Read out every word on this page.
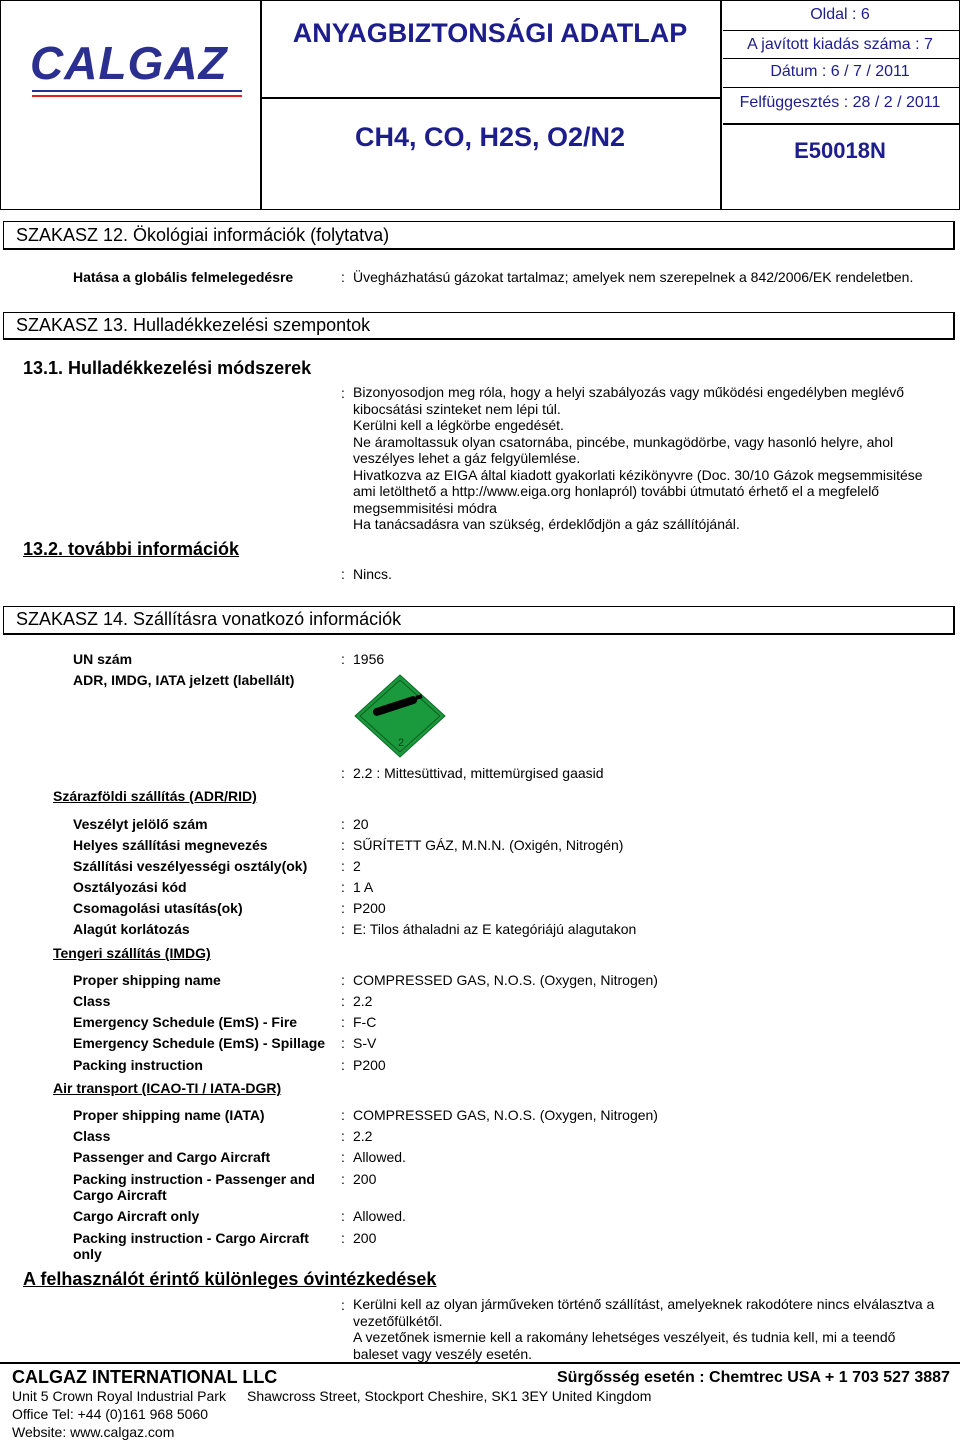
CALGAZ
ANYAGBIZTONSÁGI ADATLAP
CH4, CO, H2S, O2/N2
Oldal : 6
A javított kiadás száma : 7
Dátum : 6 / 7 / 2011
Felfüggesztés : 28 / 2 / 2011
E50018N
SZAKASZ 12. Ökológiai információk (folytatva)
Hatása a globális felmelegedésre	: Üvegházhatású gázokat tartalmaz; amelyek nem szerepelnek a 842/2006/EK rendeletben.
SZAKASZ 13. Hulladékkezelési szempontok
13.1. Hulladékkezelési módszerek
: Bizonyosodjon meg róla, hogy a helyi szabályozás vagy működési engedélyben meglévő
kibocsátási szinteket nem lépi túl.
Kerülni kell a légkörbe engedését.
Ne áramoltassuk olyan csatornába, pincébe, munkagödörbe, vagy hasonló helyre, ahol
veszélyes lehet a gáz felgyülemlése.
Hivatkozva az EIGA által kiadott gyakorlati kézikönyvre (Doc. 30/10 Gázok megsemmisitése
ami letölthető a http://www.eiga.org honlapról) további útmutató érhető el a megfelelő
megsemmisitési módra
Ha tanácsadásra van szükség, érdeklődjön a gáz szállítójánál.
13.2. további információk
: Nincs.
SZAKASZ 14. Szállításra vonatkozó információk
UN szám	: 1956
ADR, IMDG, IATA jelzett (labellált)
2
: 2.2 : Mittesüttivad, mittemürgised gaasid
Szárazföldi szállítás (ADR/RID)
Veszélyt jelölő szám	: 20
Helyes szállítási megnevezés	: SŰRÍTETT GÁZ, M.N.N. (Oxigén, Nitrogén)
Szállítási veszélyességi osztály(ok) : 2
Osztályozási kód	: 1 A
Csomagolási utasítás(ok)	: P200
Alagút korlátozás	: E: Tilos áthaladni az E kategóriájú alagutakon
Tengeri szállítás (IMDG)
Proper shipping name	: COMPRESSED GAS, N.O.S. (Oxygen, Nitrogen)
Class	: 2.2
Emergency Schedule (EmS) - Fire	: F-C
Emergency Schedule (EmS) - Spillage : S-V
Packing instruction	: P200
Air transport (ICAO-TI / IATA-DGR)
Proper shipping name (IATA)	: COMPRESSED GAS, N.O.S. (Oxygen, Nitrogen)
Class	: 2.2
Passenger and Cargo Aircraft	: Allowed.
Packing instruction - Passenger and
Cargo Aircraft
: 200
Cargo Aircraft only	: Allowed.
Packing instruction - Cargo Aircraft
only
: 200
A felhasználót érintő különleges óvintézkedések
: Kerülni kell az olyan járműveken történő szállítást, amelyeknek rakodótere nincs elválasztva a
vezetőfülkétől.
A vezetőnek ismernie kell a rakomány lehetséges veszélyeit, és tudnia kell, mi a teendő
baleset vagy veszély esetén.
CALGAZ INTERNATIONAL LLC	Sürgősség esetén : Chemtrec USA + 1 703 527 3887
Unit 5 Crown Royal Industrial Park Shawcross Street, Stockport Cheshire, SK1 3EY United Kingdom
Office Tel: +44 (0)161 968 5060
Website: www.calgaz.com
